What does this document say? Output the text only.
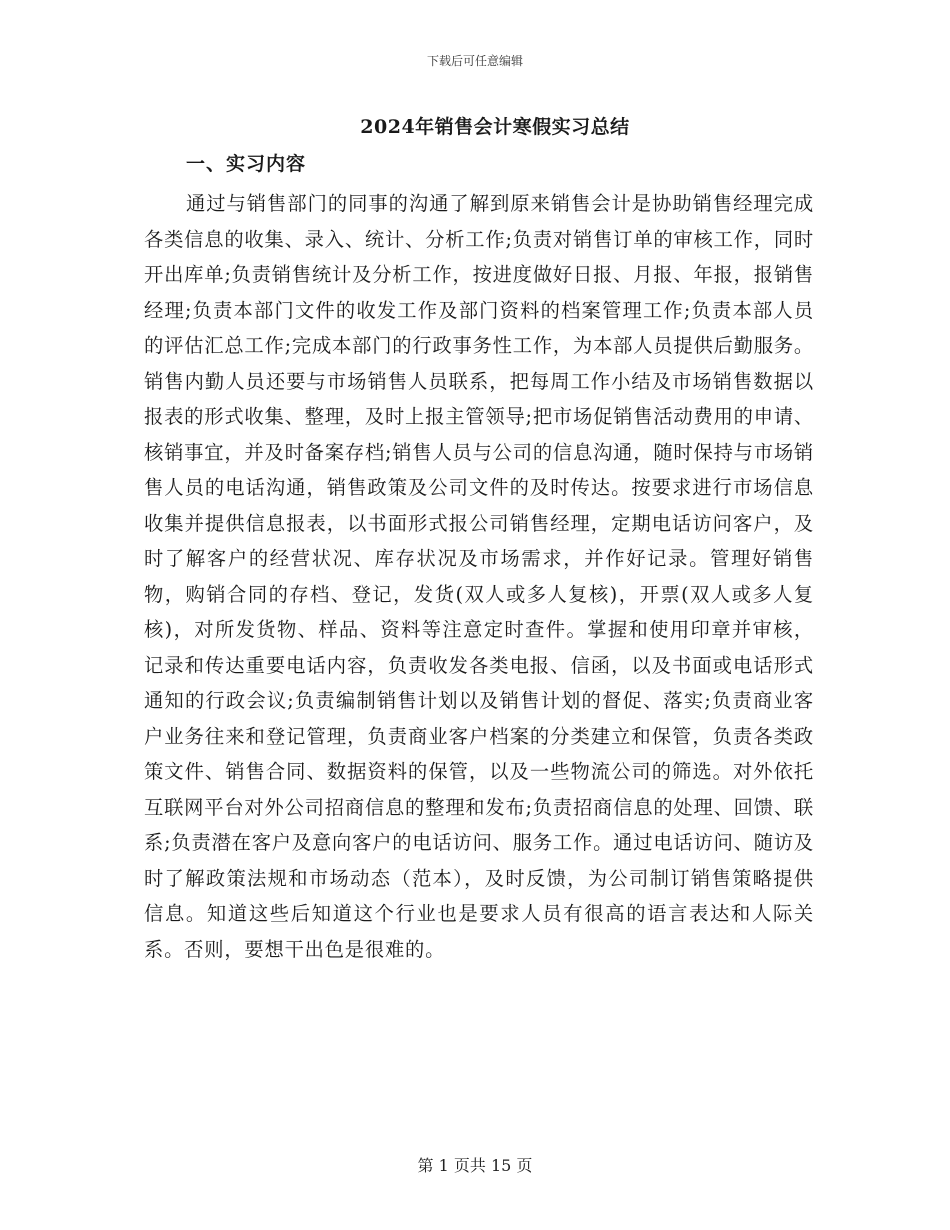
下载后可任意编辑
2024年销售会计寒假实习总结
一、实习内容

通过与销售部门的同事的沟通了解到原来销售会计是协助销售经理完成各类信息的收集、录入、统计、分析工作;负责对销售订单的审核工作，同时开出库单;负责销售统计及分析工作，按进度做好日报、月报、年报，报销售经理;负责本部门文件的收发工作及部门资料的档案管理工作;负责本部人员的评估汇总工作;完成本部门的行政事务性工作，为本部人员提供后勤服务。销售内勤人员还要与市场销售人员联系，把每周工作小结及市场销售数据以报表的形式收集、整理，及时上报主管领导;把市场促销售活动费用的申请、核销事宜，并及时备案存档;销售人员与公司的信息沟通，随时保持与市场销售人员的电话沟通，销售政策及公司文件的及时传达。按要求进行市场信息收集并提供信息报表，以书面形式报公司销售经理，定期电话访问客户，及时了解客户的经营状况、库存状况及市场需求，并作好记录。管理好销售物，购销合同的存档、登记，发货(双人或多人复核)，开票(双人或多人复核)，对所发货物、样品、资料等注意定时查件。掌握和使用印章并审核，记录和传达重要电话内容，负责收发各类电报、信函，以及书面或电话形式通知的行政会议;负责编制销售计划以及销售计划的督促、落实;负责商业客户业务往来和登记管理，负责商业客户档案的分类建立和保管，负责各类政策文件、销售合同、数据资料的保管，以及一些物流公司的筛选。对外依托互联网平台对外公司招商信息的整理和发布;负责招商信息的处理、回馈、联系;负责潜在客户及意向客户的电话访问、服务工作。通过电话访问、随访及时了解政策法规和市场动态（范本），及时反馈，为公司制订销售策略提供信息。知道这些后知道这个行业也是要求人员有很高的语言表达和人际关系。否则，要想干出色是很难的。

第 1 页共 15 页
